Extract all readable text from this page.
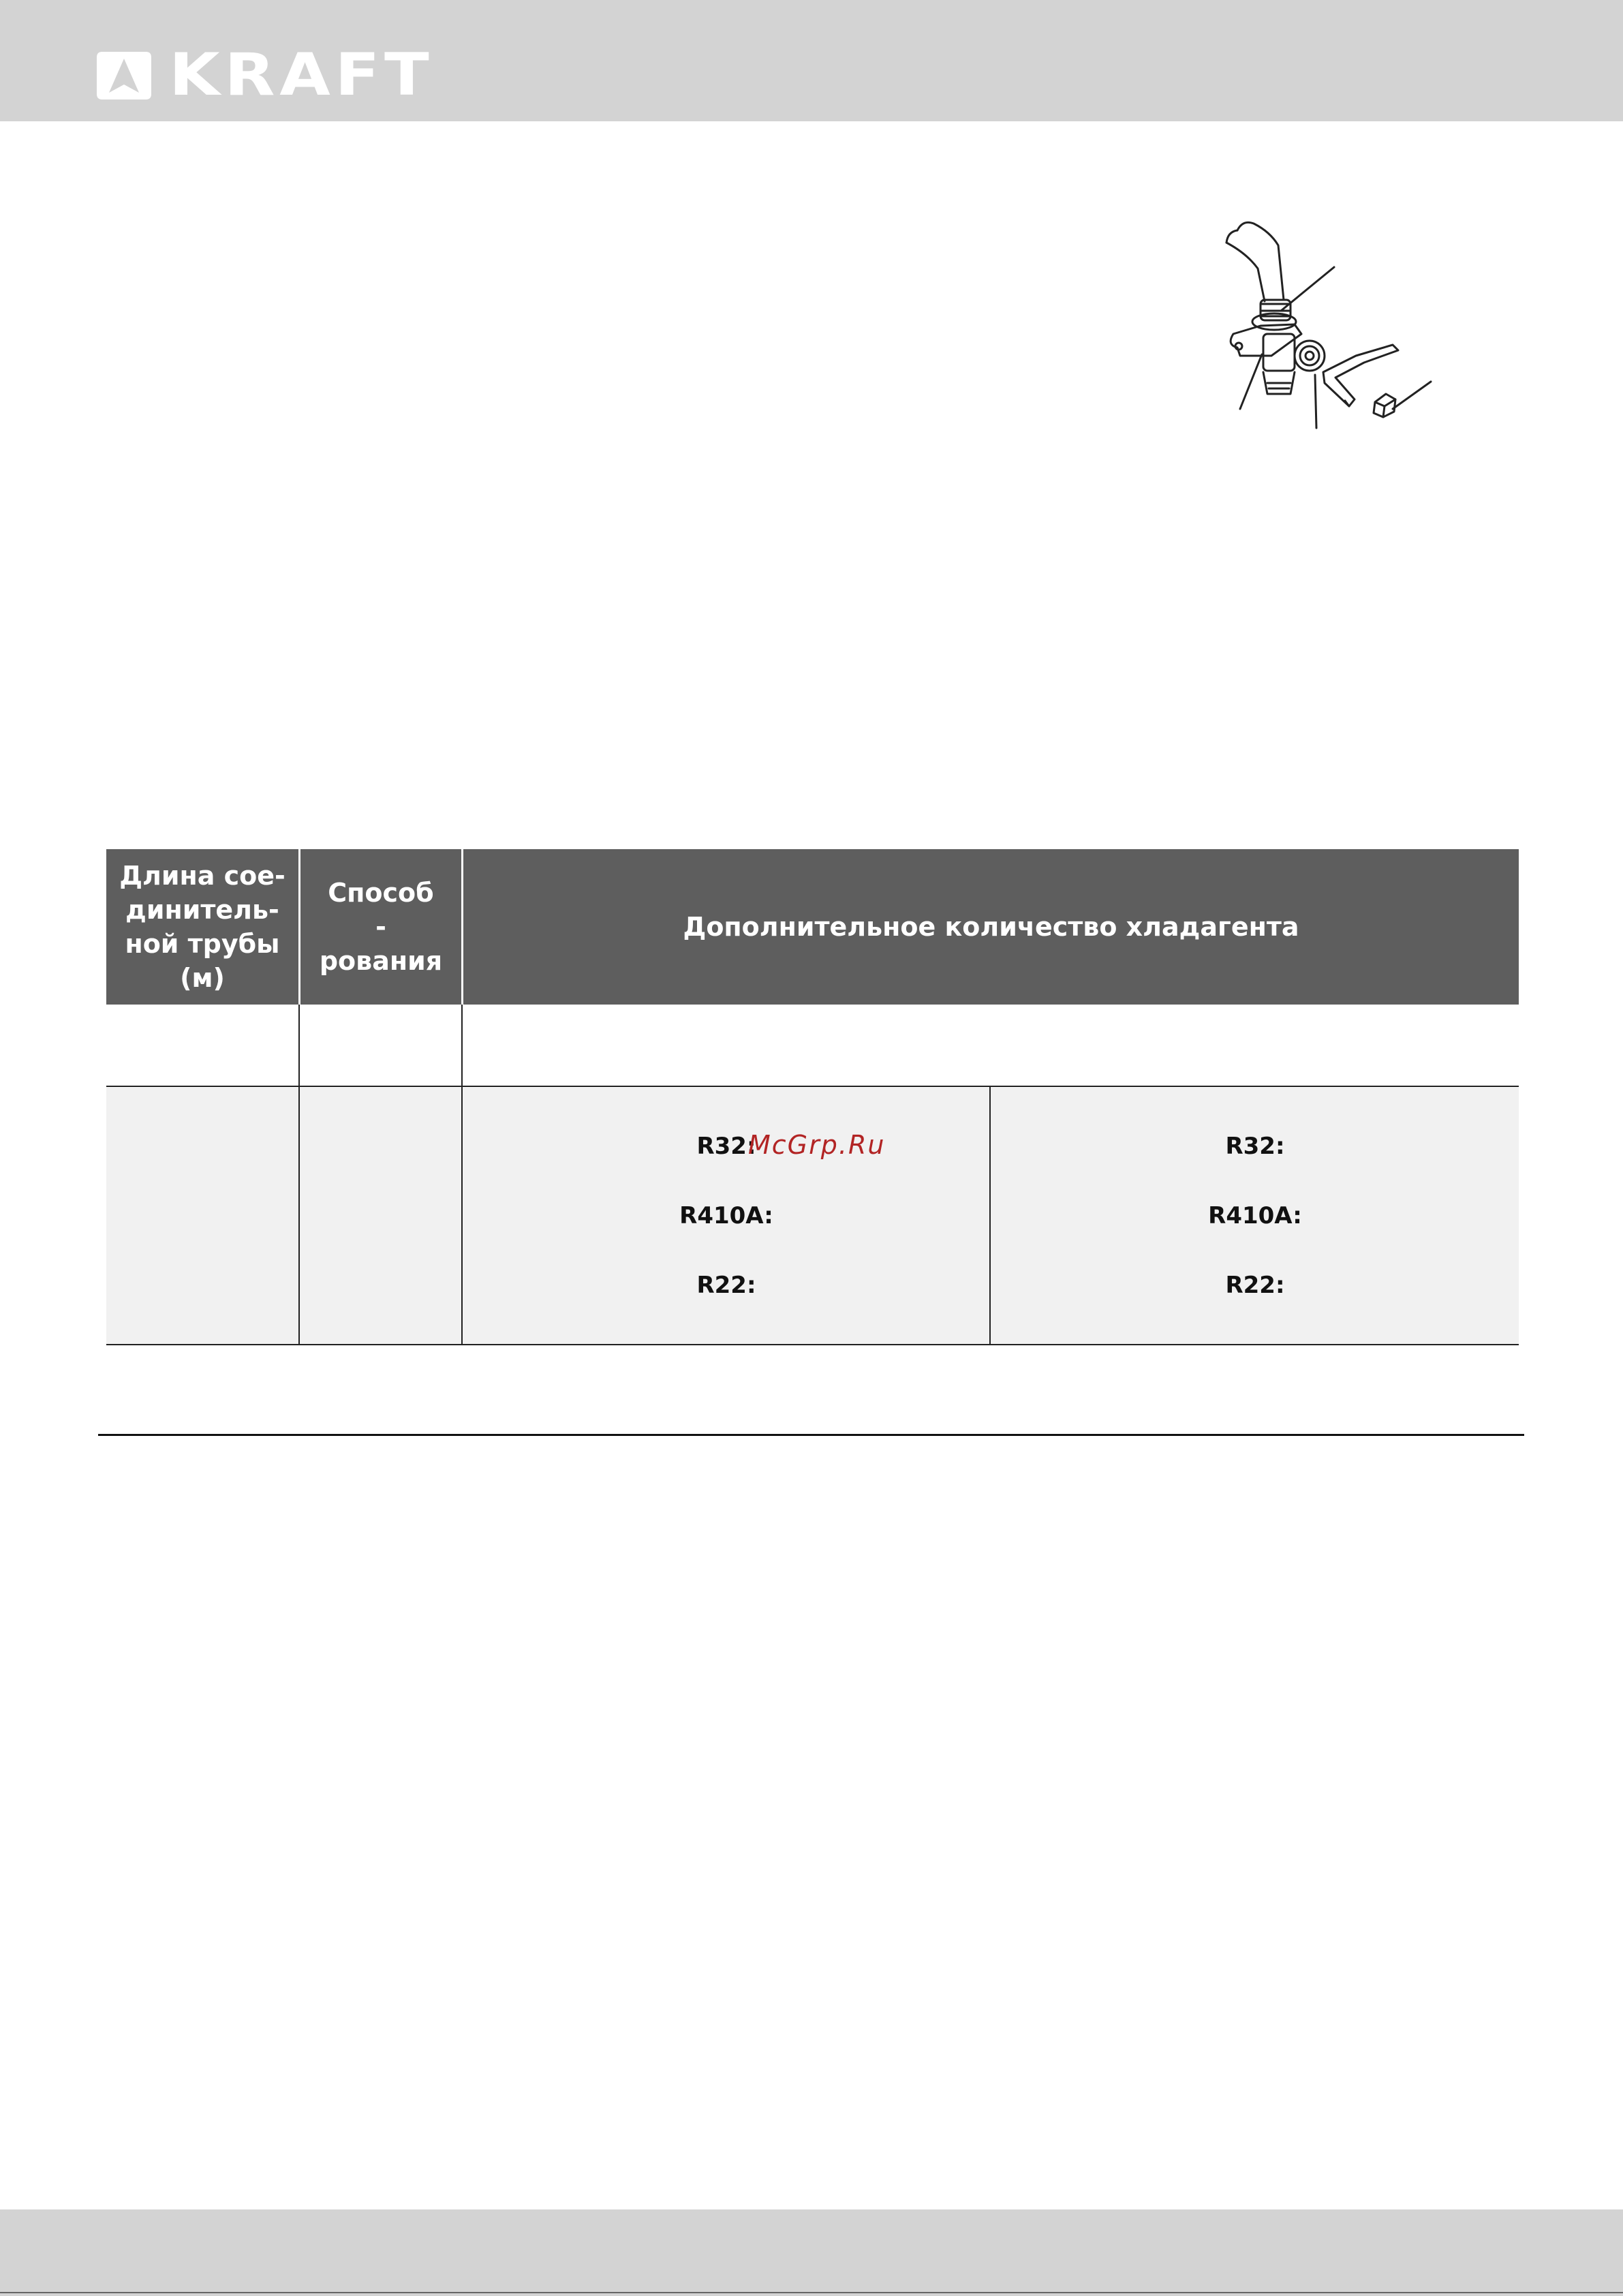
KRAFT
Длина сое-
динитель-
ной трубы
(м)
Способ
-
рования
Дополнительное количество хладагента
R32:
R410A:
R22:
R32:
R410A:
R22:
McGrp.Ru
